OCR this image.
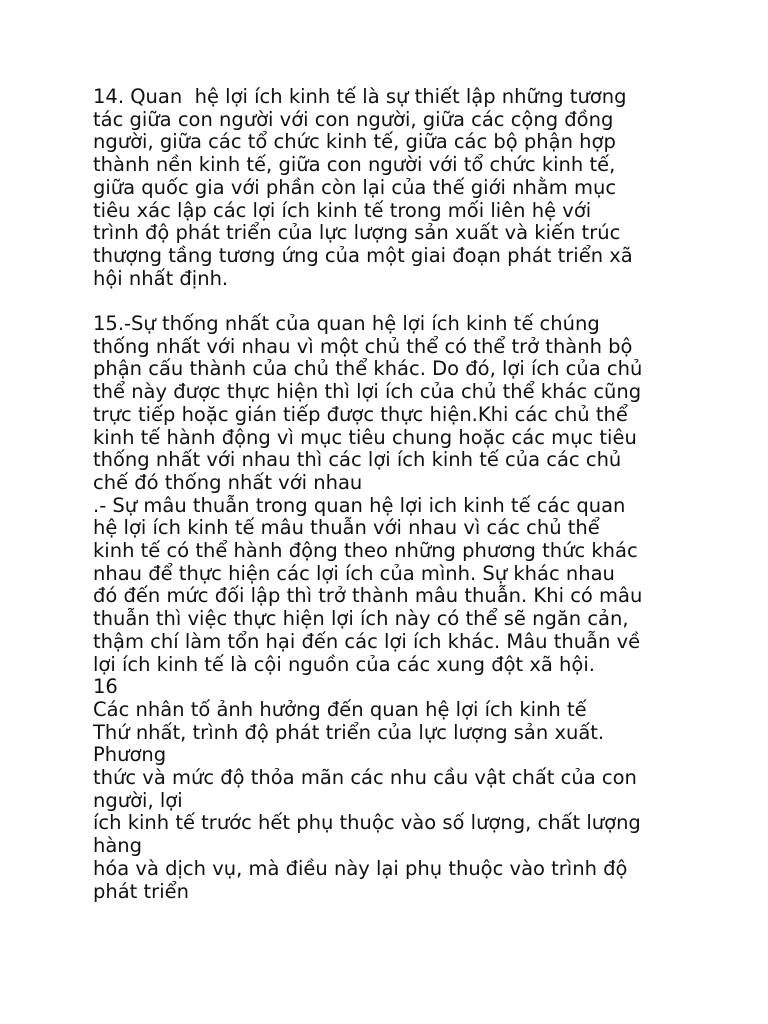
14. Quan  hệ lợi ích kinh tế là sự thiết lập những tương
tác giữa con người với con người, giữa các cộng đồng
người, giữa các tổ chức kinh tế, giữa các bộ phận hợp
thành nền kinh tế, giữa con người với tổ chức kinh tế,
giữa quốc gia với phần còn lại của thế giới nhằm mục
tiêu xác lập các lợi ích kinh tế trong mối liên hệ với
trình độ phát triển của lực lượng sản xuất và kiến trúc
thượng tầng tương ứng của một giai đoạn phát triển xã
hội nhất định.
15.-Sự thống nhất của quan hệ lợi ích kinh tế chúng
thống nhất với nhau vì một chủ thể có thể trở thành bộ
phận cấu thành của chủ thể khác. Do đó, lợi ích của chủ
thể này được thực hiện thì lợi ích của chủ thể khác cũng
trực tiếp hoặc gián tiếp được thực hiện.Khi các chủ thể
kinh tế hành động vì mục tiêu chung hoặc các mục tiêu
thống nhất với nhau thì các lợi ích kinh tế của các chủ
chế đó thống nhất với nhau
.- Sự mâu thuẫn trong quan hệ lợi ich kinh tế các quan
hệ lợi ích kinh tế mâu thuẫn với nhau vì các chủ thể
kinh tế có thể hành động theo những phương thức khác
nhau để thực hiện các lợi ích của mình. Sự khác nhau
đó đến mức đối lập thì trở thành mâu thuẫn. Khi có mâu
thuẫn thì việc thực hiện lợi ích này có thể sẽ ngăn cản,
thậm chí làm tổn hại đến các lợi ích khác. Mâu thuẫn về
lợi ích kinh tế là cội nguồn của các xung đột xã hội.
16
Các nhân tố ảnh hưởng đến quan hệ lợi ích kinh tế
Thứ nhất, trình độ phát triển của lực lượng sản xuất.
Phương
thức và mức độ thỏa mãn các nhu cầu vật chất của con
người, lợi
ích kinh tế trước hết phụ thuộc vào số lượng, chất lượng
hàng
hóa và dịch vụ, mà điều này lại phụ thuộc vào trình độ
phát triển
